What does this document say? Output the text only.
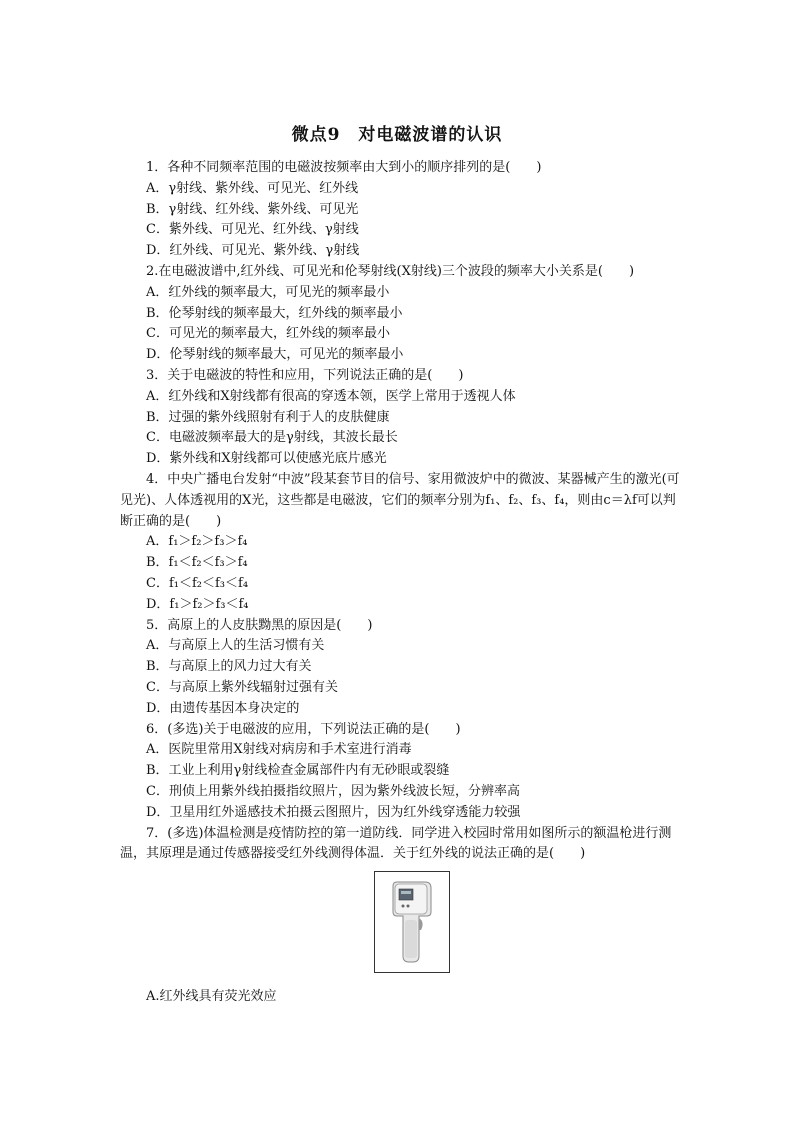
微点9　对电磁波谱的认识
1．各种不同频率范围的电磁波按频率由大到小的顺序排列的是(　　)
A．γ射线、紫外线、可见光、红外线
B．γ射线、红外线、紫外线、可见光
C．紫外线、可见光、红外线、γ射线
D．红外线、可见光、紫外线、γ射线
2.在电磁波谱中,红外线、可见光和伦琴射线(X射线)三个波段的频率大小关系是(　　)
A．红外线的频率最大，可见光的频率最小
B．伦琴射线的频率最大，红外线的频率最小
C．可见光的频率最大，红外线的频率最小
D．伦琴射线的频率最大，可见光的频率最小
3．关于电磁波的特性和应用，下列说法正确的是(　　)
A．红外线和X射线都有很高的穿透本领，医学上常用于透视人体
B．过强的紫外线照射有利于人的皮肤健康
C．电磁波频率最大的是γ射线，其波长最长
D．紫外线和X射线都可以使感光底片感光
4．中央广播电台发射“中波”段某套节目的信号、家用微波炉中的微波、某器械产生的激光(可见光)、人体透视用的X光，这些都是电磁波，它们的频率分别为f₁、f₂、f₃、f₄，则由c＝λf可以判断正确的是(　　)
A．f₁＞f₂＞f₃＞f₄
B．f₁＜f₂＜f₃＞f₄
C．f₁＜f₂＜f₃＜f₄
D．f₁＞f₂＞f₃＜f₄
5．高原上的人皮肤黝黑的原因是(　　)
A．与高原上人的生活习惯有关
B．与高原上的风力过大有关
C．与高原上紫外线辐射过强有关
D．由遗传基因本身决定的
6．(多选)关于电磁波的应用，下列说法正确的是(　　)
A．医院里常用X射线对病房和手术室进行消毒
B．工业上利用γ射线检查金属部件内有无砂眼或裂缝
C．刑侦上用紫外线拍摄指纹照片，因为紫外线波长短，分辨率高
D．卫星用红外遥感技术拍摄云图照片，因为红外线穿透能力较强
7．(多选)体温检测是疫情防控的第一道防线．同学进入校园时常用如图所示的额温枪进行测温，其原理是通过传感器接受红外线测得体温．关于红外线的说法正确的是(　　)
A.红外线具有荧光效应
